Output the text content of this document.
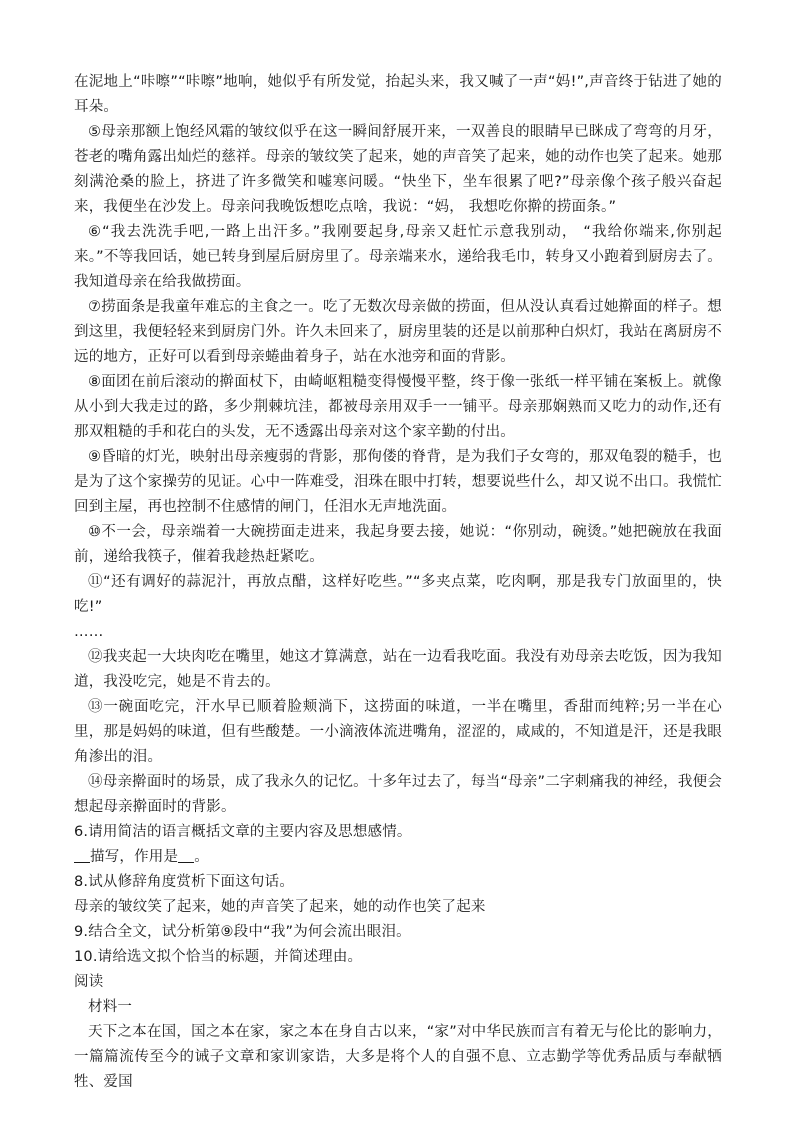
在泥地上“咔嚓”“咔嚓”地响，她似乎有所发觉，抬起头来，我又喊了一声“妈!”,声音终于钻进了她的耳朵。

⑤母亲那额上饱经风霜的皱纹似乎在这一瞬间舒展开来，一双善良的眼睛早已眯成了弯弯的月牙，苍老的嘴角露出灿烂的慈祥。母亲的皱纹笑了起来，她的声音笑了起来，她的动作也笑了起来。她那刻满沧桑的脸上，挤进了许多微笑和嘘寒问暖。“快坐下，坐车很累了吧?”母亲像个孩子般兴奋起来，我便坐在沙发上。母亲问我晚饭想吃点啥，我说：“妈， 我想吃你擀的捞面条。”

⑥“我去洗洗手吧,一路上出汗多。”我刚要起身,母亲又赶忙示意我别动， “我给你端来,你别起来。”不等我回话，她已转身到屋后厨房里了。母亲端来水，递给我毛巾，转身又小跑着到厨房去了。我知道母亲在给我做捞面。

⑦捞面条是我童年难忘的主食之一。吃了无数次母亲做的捞面，但从没认真看过她擀面的样子。想到这里，我便轻轻来到厨房门外。许久未回来了，厨房里装的还是以前那种白炽灯，我站在离厨房不远的地方，正好可以看到母亲蜷曲着身子，站在水池旁和面的背影。

⑧面团在前后滚动的擀面杖下，由崎岖粗糙变得慢慢平整，终于像一张纸一样平铺在案板上。就像从小到大我走过的路，多少荆棘坑洼，都被母亲用双手一一铺平。母亲那娴熟而又吃力的动作,还有那双粗糙的手和花白的头发，无不透露出母亲对这个家辛勤的付出。

⑨昏暗的灯光，映射出母亲瘦弱的背影，那佝偻的脊背，是为我们子女弯的，那双龟裂的糙手，也是为了这个家操劳的见证。心中一阵难受，泪珠在眼中打转，想要说些什么，却又说不出口。我慌忙回到主屋，再也控制不住感情的闸门，任泪水无声地洗面。

⑩不一会，母亲端着一大碗捞面走进来，我起身要去接，她说：“你别动，碗烫。”她把碗放在我面前，递给我筷子，催着我趁热赶紧吃。

⑪“还有调好的蒜泥汁，再放点醋，这样好吃些。”“多夹点菜，吃肉啊，那是我专门放面里的，快吃!”

……

⑫我夹起一大块肉吃在嘴里，她这才算满意，站在一边看我吃面。我没有劝母亲去吃饭，因为我知道，我没吃完，她是不肯去的。

⑬一碗面吃完，汗水早已顺着脸颊淌下，这捞面的味道，一半在嘴里，香甜而纯粹;另一半在心里，那是妈妈的味道，但有些酸楚。一小滴液体流进嘴角，涩涩的，咸咸的，不知道是汗，还是我眼角渗出的泪。

⑭母亲擀面时的场景，成了我永久的记忆。十多年过去了，每当“母亲”二字刺痛我的神经，我便会想起母亲擀面时的背影。

6.请用简洁的语言概括文章的主要内容及思想感情。

描写，作用是 。

8.试从修辞角度赏析下面这句话。

母亲的皱纹笑了起来，她的声音笑了起来，她的动作也笑了起来

9.结合全文，试分析第⑨段中“我”为何会流出眼泪。

10.请给选文拟个恰当的标题，并简述理由。

阅读

材料一

天下之本在国，国之本在家，家之本在身自古以来，“家”对中华民族而言有着无与伦比的影响力，一篇篇流传至今的诫子文章和家训家诰，大多是将个人的自强不息、立志勤学等优秀品质与奉献牺牲、爱国
